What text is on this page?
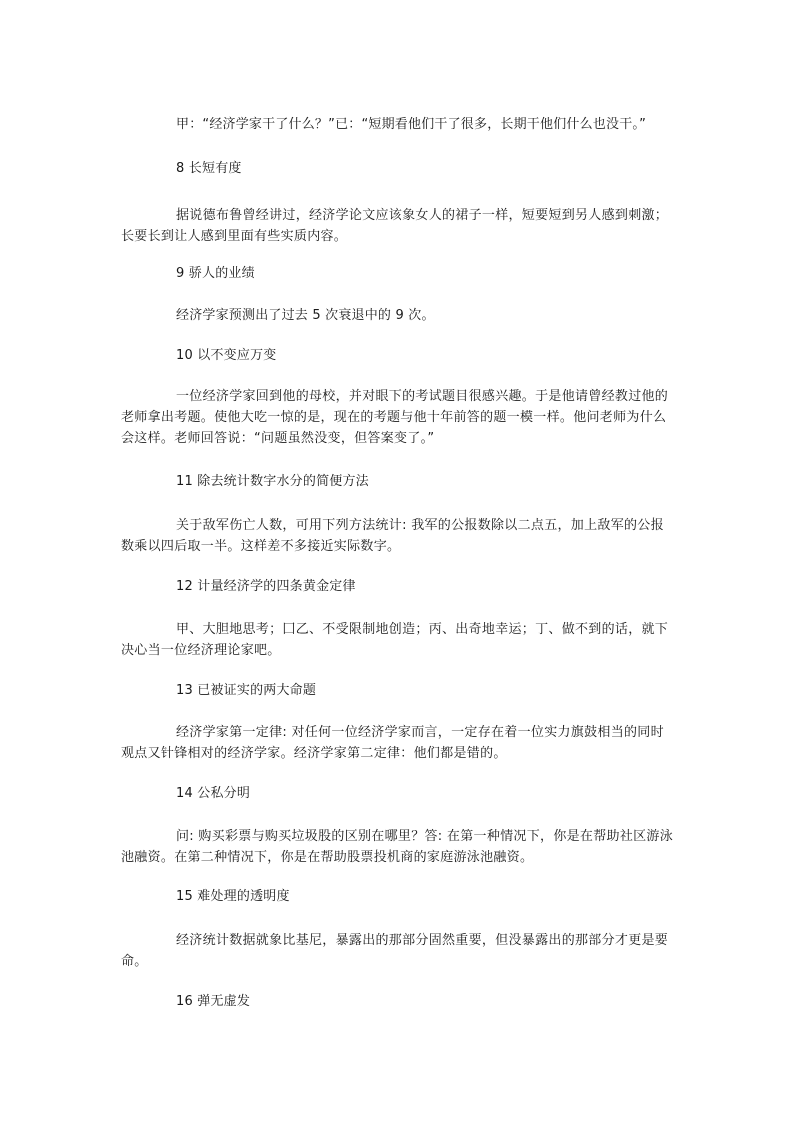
甲：“经济学家干了什么？”已：“短期看他们干了很多，长期干他们什么也没干。”
8 长短有度
据说德布鲁曾经讲过，经济学论文应该象女人的裙子一样，短要短到另人感到刺激；长要长到让人感到里面有些实质内容。
9 骄人的业绩
经济学家预测出了过去 5 次衰退中的 9 次。
10 以不变应万变
一位经济学家回到他的母校，并对眼下的考试题目很感兴趣。于是他请曾经教过他的老师拿出考题。使他大吃一惊的是，现在的考题与他十年前答的题一模一样。他问老师为什么会这样。老师回答说：“问题虽然没变，但答案变了。”
11 除去统计数字水分的简便方法
关于敌军伤亡人数，可用下列方法统计: 我军的公报数除以二点五，加上敌军的公报数乘以四后取一半。这样差不多接近实际数字。
12 计量经济学的四条黄金定律
甲、大胆地思考；囗乙、不受限制地创造；丙、出奇地幸运；丁、做不到的话，就下决心当一位经济理论家吧。
13 已被证实的两大命题
经济学家第一定律: 对任何一位经济学家而言，一定存在着一位实力旗鼓相当的同时观点又针锋相对的经济学家。经济学家第二定律：他们都是错的。
14 公私分明
问: 购买彩票与购买垃圾股的区别在哪里？答: 在第一种情况下，你是在帮助社区游泳池融资。在第二种情况下，你是在帮助股票投机商的家庭游泳池融资。
15 难处理的透明度
经济统计数据就象比基尼，暴露出的那部分固然重要，但没暴露出的那部分才更是要命。
16 弹无虚发
